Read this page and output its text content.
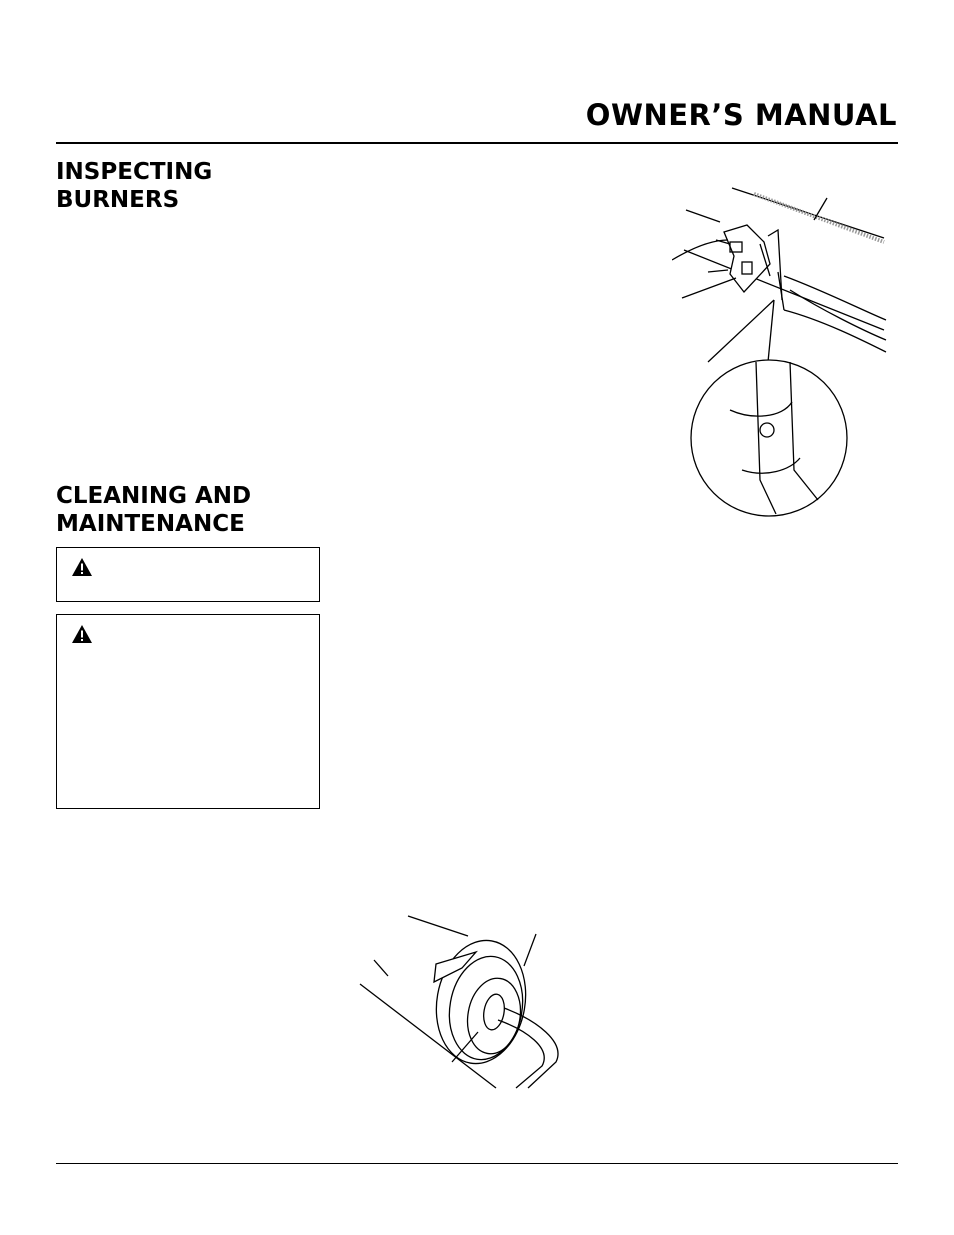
OWNER’S MANUAL
INSPECTING
BURNERS
CLEANING AND
MAINTENANCE
